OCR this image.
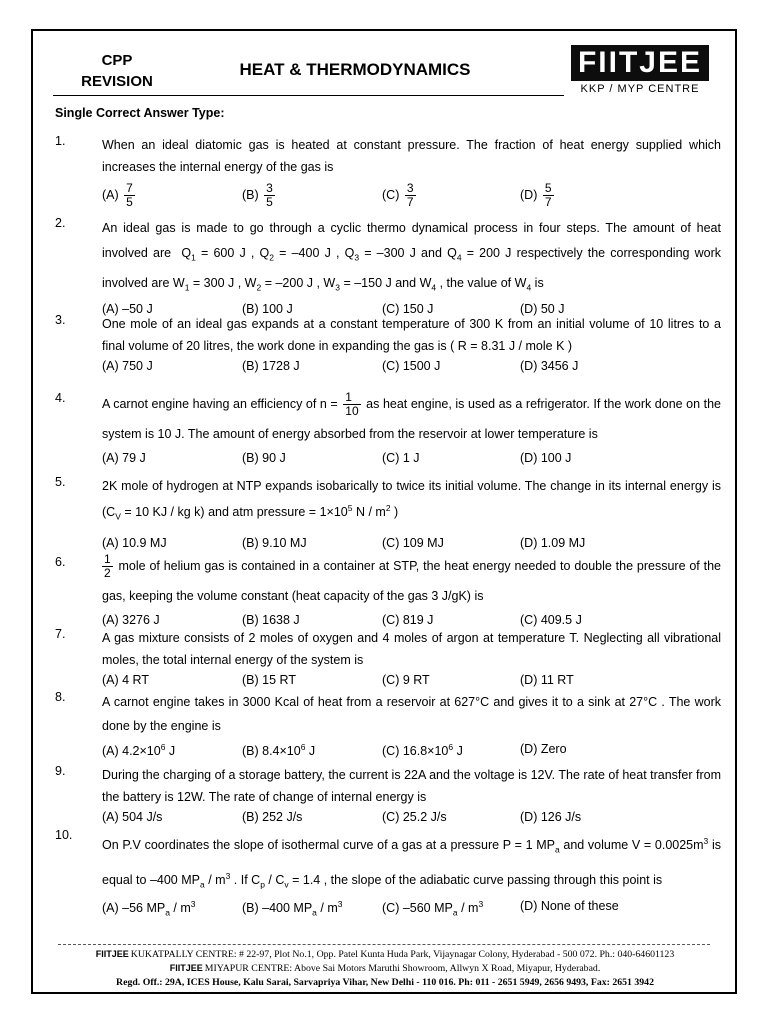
CPP
REVISION
HEAT & THERMODYNAMICS	FIITJEE
KKP / MYP CENTRE
Single Correct Answer Type:
1.	When an ideal diatomic gas is heated at constant pressure. The fraction of heat energy supplied which increases the internal energy of the gas is
$(A) \frac{7}{5}$	$(B) \frac{3}{5}$	$(C) \frac{3}{7}$	$(D) \frac{5}{7}$
2.	An ideal gas is made to go through a cyclic thermo dynamical process in four steps. The amount of heat involved are $Q_1 = 600$ J , $Q_2 = -400$ J , $Q_3 = -300$ J and $Q_4 = 200$ J respectively the corresponding work involved are $W_1 = 300$ J , $W_2 = -200$ J , $W_3 = -150$ J and $W_4$ , the value of $W_4$ is
(A) –50 J	(B) 100 J	(C) 150 J	(D) 50 J
3.	One mole of an ideal gas expands at a constant temperature of 300 K from an initial volume of 10 litres to a final volume of 20 litres, the work done in expanding the gas is ( R = 8.31 J / mole K )
(A) 750 J	(B) 1728 J	(C) 1500 J	(D) 3456 J
4.	A carnot engine having an efficiency of $n = \frac{1}{10}$ as heat engine, is used as a refrigerator. If the work done on the system is 10 J. The amount of energy absorbed from the reservoir at lower temperature is
(A) 79 J	(B) 90 J	(C) 1 J	(D) 100 J
5.	2K mole of hydrogen at NTP expands isobarically to twice its initial volume. The change in its internal energy is ($C_V = 10$ KJ / kg k) and atm pressure = $1\times 10^5$ N / $m^2$ )
(A) 10.9 MJ	(B) 9.10 MJ	(C) 109 MJ	(D) 1.09 MJ
6.	$\frac{1}{2}$ mole of helium gas is contained in a container at STP, the heat energy needed to double the pressure of the gas, keeping the volume constant (heat capacity of the gas 3 J/gK) is
(A) 3276 J	(B) 1638 J	(C) 819 J	(C) 409.5 J
7.	A gas mixture consists of 2 moles of oxygen and 4 moles of argon at temperature T. Neglecting all vibrational moles, the total internal energy of the system is
(A) 4 RT	(B) 15 RT	(C) 9 RT	(D) 11 RT
8.	A carnot engine takes in 3000 Kcal of heat from a reservoir at 627°C and gives it to a sink at 27°C . The work done by the engine is
(A) $4.2\times 10^6$ J	(B) $8.4\times 10^6$ J	(C) $16.8\times 10^6$ J	(D) Zero
9.	During the charging of a storage battery, the current is 22A and the voltage is 12V. The rate of heat transfer from the battery is 12W. The rate of change of internal energy is
(A) 504 J/s	(B) 252 J/s	(C) 25.2 J/s	(D) 126 J/s
10.
On P.V coordinates the slope of isothermal curve of a gas at a pressure P = 1 $MP_a$ and volume $V = 0.0025m^3$ is equal to –400 $MP_a / m^3$ . If $C_p / C_v = 1.4$ , the slope of the adiabatic curve passing through this point is
(A) –56 $MP_a / m^3$	(B) –400 $MP_a / m^3$	(C) –560 $MP_a / m^3$	(D) None of these
FIITJEE KUKATPALLY CENTRE: # 22-97, Plot No.1, Opp. Patel Kunta Huda Park, Vijaynagar Colony, Hyderabad - 500 072. Ph.: 040-64601123
FIITJEE MIYAPUR CENTRE: Above Sai Motors Maruthi Showroom, Allwyn X Road, Miyapur, Hyderabad.
Regd. Off.: 29A, ICES House, Kalu Sarai, Sarvapriya Vihar, New Delhi - 110 016. Ph: 011 - 2651 5949, 2656 9493, Fax: 2651 3942
